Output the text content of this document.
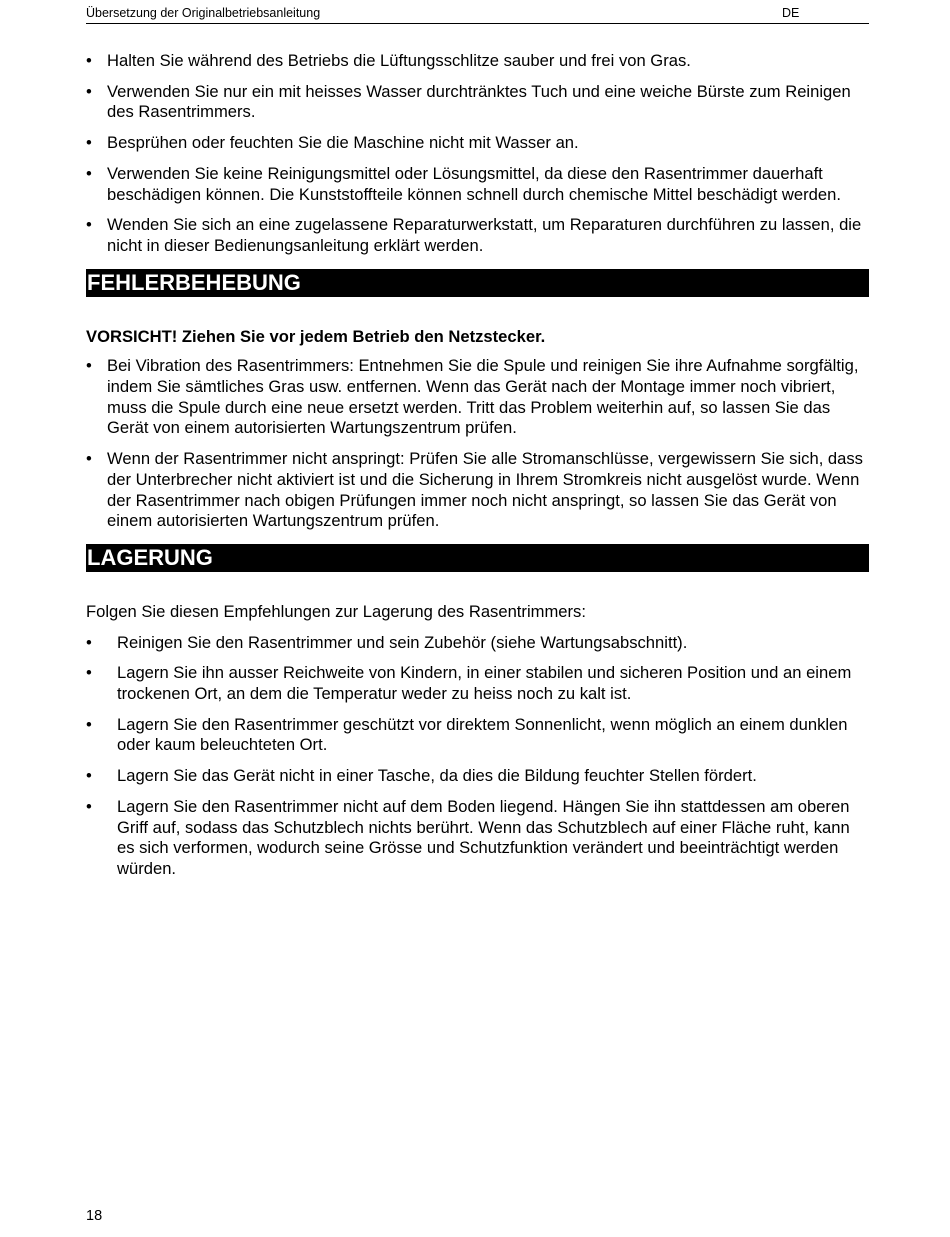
Übersetzung der Originalbetriebsanleitung	DE
• Halten Sie während des Betriebs die Lüftungsschlitze sauber und frei von Gras.
• Verwenden Sie nur ein mit heisses Wasser durchtränktes Tuch und eine weiche Bürste zum Reinigen des Rasentrimmers.
• Besprühen oder feuchten Sie die Maschine nicht mit Wasser an.
• Verwenden Sie keine Reinigungsmittel oder Lösungsmittel, da diese den Rasentrimmer dauerhaft beschädigen können. Die Kunststoffteile können schnell durch chemische Mittel beschädigt werden.
• Wenden Sie sich an eine zugelassene Reparaturwerkstatt, um Reparaturen durchführen zu lassen, die nicht in dieser Bedienungsanleitung erklärt werden.
FEHLERBEHEBUNG
VORSICHT! Ziehen Sie vor jedem Betrieb den Netzstecker.
• Bei Vibration des Rasentrimmers: Entnehmen Sie die Spule und reinigen Sie ihre Aufnahme sorgfältig, indem Sie sämtliches Gras usw. entfernen. Wenn das Gerät nach der Montage immer noch vibriert, muss die Spule durch eine neue ersetzt werden. Tritt das Problem weiterhin auf, so lassen Sie das Gerät von einem autorisierten Wartungszentrum prüfen.
• Wenn der Rasentrimmer nicht anspringt: Prüfen Sie alle Stromanschlüsse, vergewissern Sie sich, dass der Unterbrecher nicht aktiviert ist und die Sicherung in Ihrem Stromkreis nicht ausgelöst wurde. Wenn der Rasentrimmer nach obigen Prüfungen immer noch nicht anspringt, so lassen Sie das Gerät von einem autorisierten Wartungszentrum prüfen.
LAGERUNG
Folgen Sie diesen Empfehlungen zur Lagerung des Rasentrimmers:
• Reinigen Sie den Rasentrimmer und sein Zubehör (siehe Wartungsabschnitt).
• Lagern Sie ihn ausser Reichweite von Kindern, in einer stabilen und sicheren Position und an einem trockenen Ort, an dem die Temperatur weder zu heiss noch zu kalt ist.
• Lagern Sie den Rasentrimmer geschützt vor direktem Sonnenlicht, wenn möglich an einem dunklen oder kaum beleuchteten Ort.
• Lagern Sie das Gerät nicht in einer Tasche, da dies die Bildung feuchter Stellen fördert.
• Lagern Sie den Rasentrimmer nicht auf dem Boden liegend. Hängen Sie ihn stattdessen am oberen Griff auf, sodass das Schutzblech nichts berührt. Wenn das Schutzblech auf einer Fläche ruht, kann es sich verformen, wodurch seine Grösse und Schutzfunktion verändert und beeinträchtigt werden würden.
18
